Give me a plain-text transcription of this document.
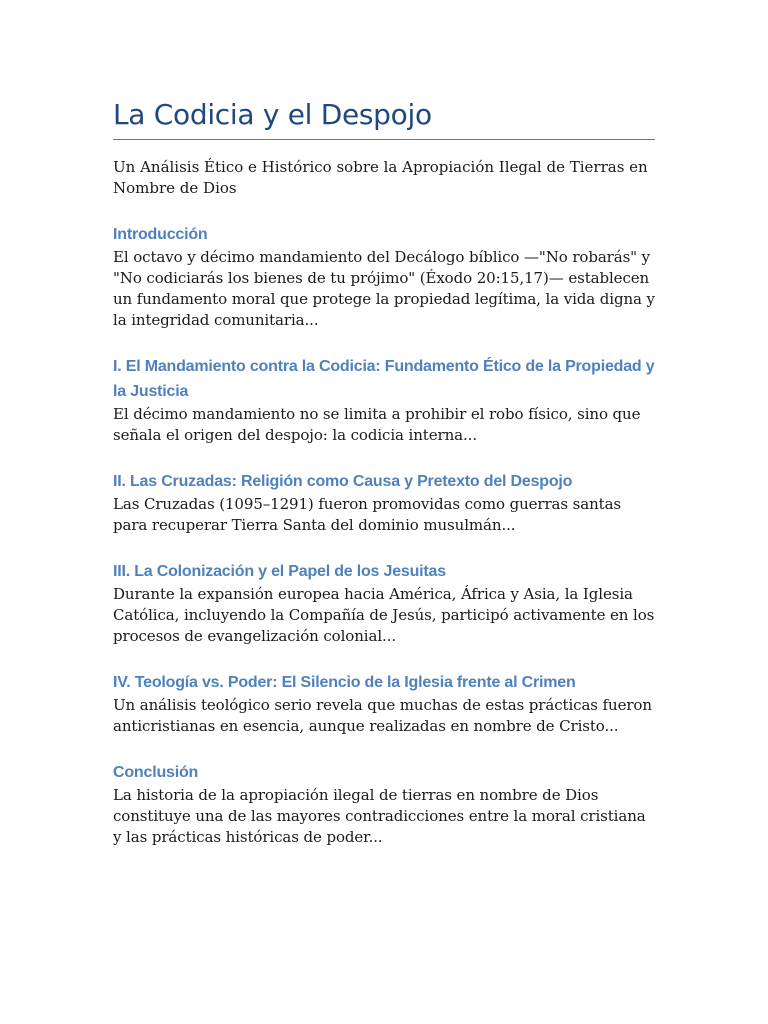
La Codicia y el Despojo

Un Análisis Ético e Histórico sobre la Apropiación Ilegal de Tierras en Nombre de Dios

Introducción

El octavo y décimo mandamiento del Decálogo bíblico —"No robarás" y "No codiciarás los bienes de tu prójimo" (Éxodo 20:15,17)— establecen un fundamento moral que protege la propiedad legítima, la vida digna y la integridad comunitaria...

I. El Mandamiento contra la Codicia: Fundamento Ético de la Propiedad y la Justicia

El décimo mandamiento no se limita a prohibir el robo físico, sino que señala el origen del despojo: la codicia interna...

II. Las Cruzadas: Religión como Causa y Pretexto del Despojo

Las Cruzadas (1095–1291) fueron promovidas como guerras santas para recuperar Tierra Santa del dominio musulmán...

III. La Colonización y el Papel de los Jesuitas

Durante la expansión europea hacia América, África y Asia, la Iglesia Católica, incluyendo la Compañía de Jesús, participó activamente en los procesos de evangelización colonial...

IV. Teología vs. Poder: El Silencio de la Iglesia frente al Crimen

Un análisis teológico serio revela que muchas de estas prácticas fueron anticristianas en esencia, aunque realizadas en nombre de Cristo...

Conclusión

La historia de la apropiación ilegal de tierras en nombre de Dios constituye una de las mayores contradicciones entre la moral cristiana y las prácticas históricas de poder...
